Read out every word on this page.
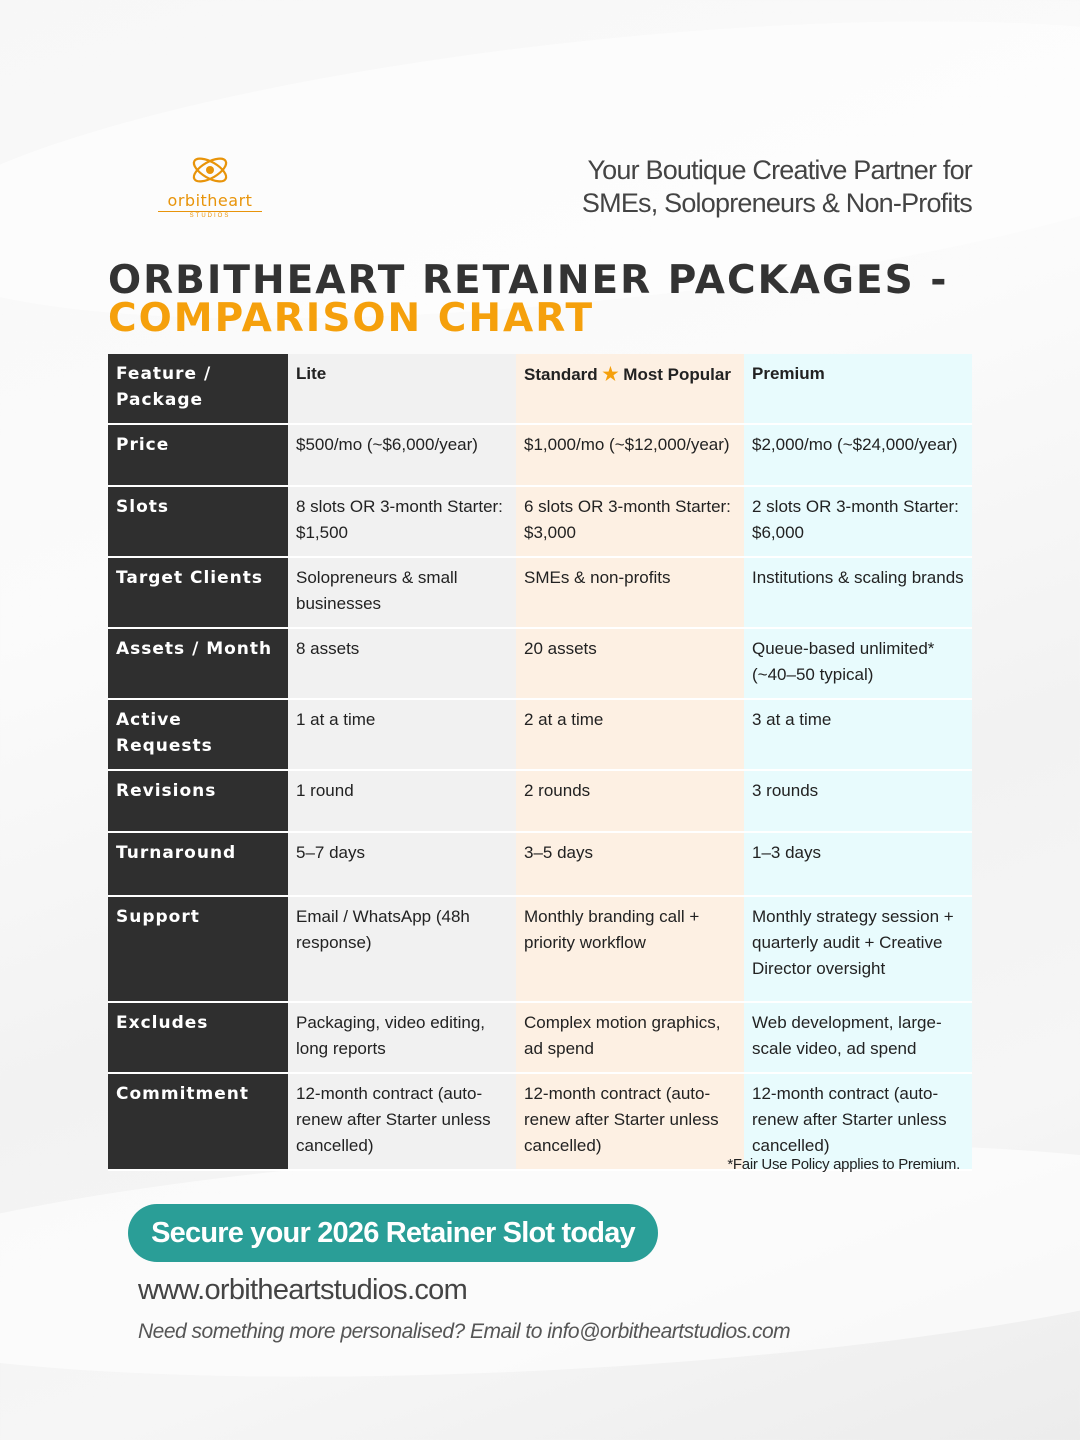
orbitheart
STUDIOS
Your Boutique Creative Partner for
SMEs, Solopreneurs & Non-Profits
ORBITHEART RETAINER PACKAGES -
COMPARISON CHART
Feature / Package	Lite	Standard ★ Most Popular	Premium
Price	$500/mo (~$6,000/year)	$1,000/mo (~$12,000/year)	$2,000/mo (~$24,000/year)
Slots	8 slots OR 3-month Starter: $1,500	6 slots OR 3-month Starter: $3,000	2 slots OR 3-month Starter: $6,000
Target Clients	Solopreneurs & small businesses	SMEs & non-profits	Institutions & scaling brands
Assets / Month	8 assets	20 assets	Queue-based unlimited* (~40–50 typical)
Active Requests	1 at a time	2 at a time	3 at a time
Revisions	1 round	2 rounds	3 rounds
Turnaround	5–7 days	3–5 days	1–3 days
Support	Email / WhatsApp (48h response)	Monthly branding call + priority workflow	Monthly strategy session + quarterly audit + Creative Director oversight
Excludes	Packaging, video editing, long reports	Complex motion graphics, ad spend	Web development, large-scale video, ad spend
Commitment	12-month contract (auto-renew after Starter unless cancelled)	12-month contract (auto-renew after Starter unless cancelled)	12-month contract (auto-renew after Starter unless cancelled)
*Fair Use Policy applies to Premium.
Secure your 2026 Retainer Slot today
www.orbitheartstudios.com
Need something more personalised? Email to info@orbitheartstudios.com
